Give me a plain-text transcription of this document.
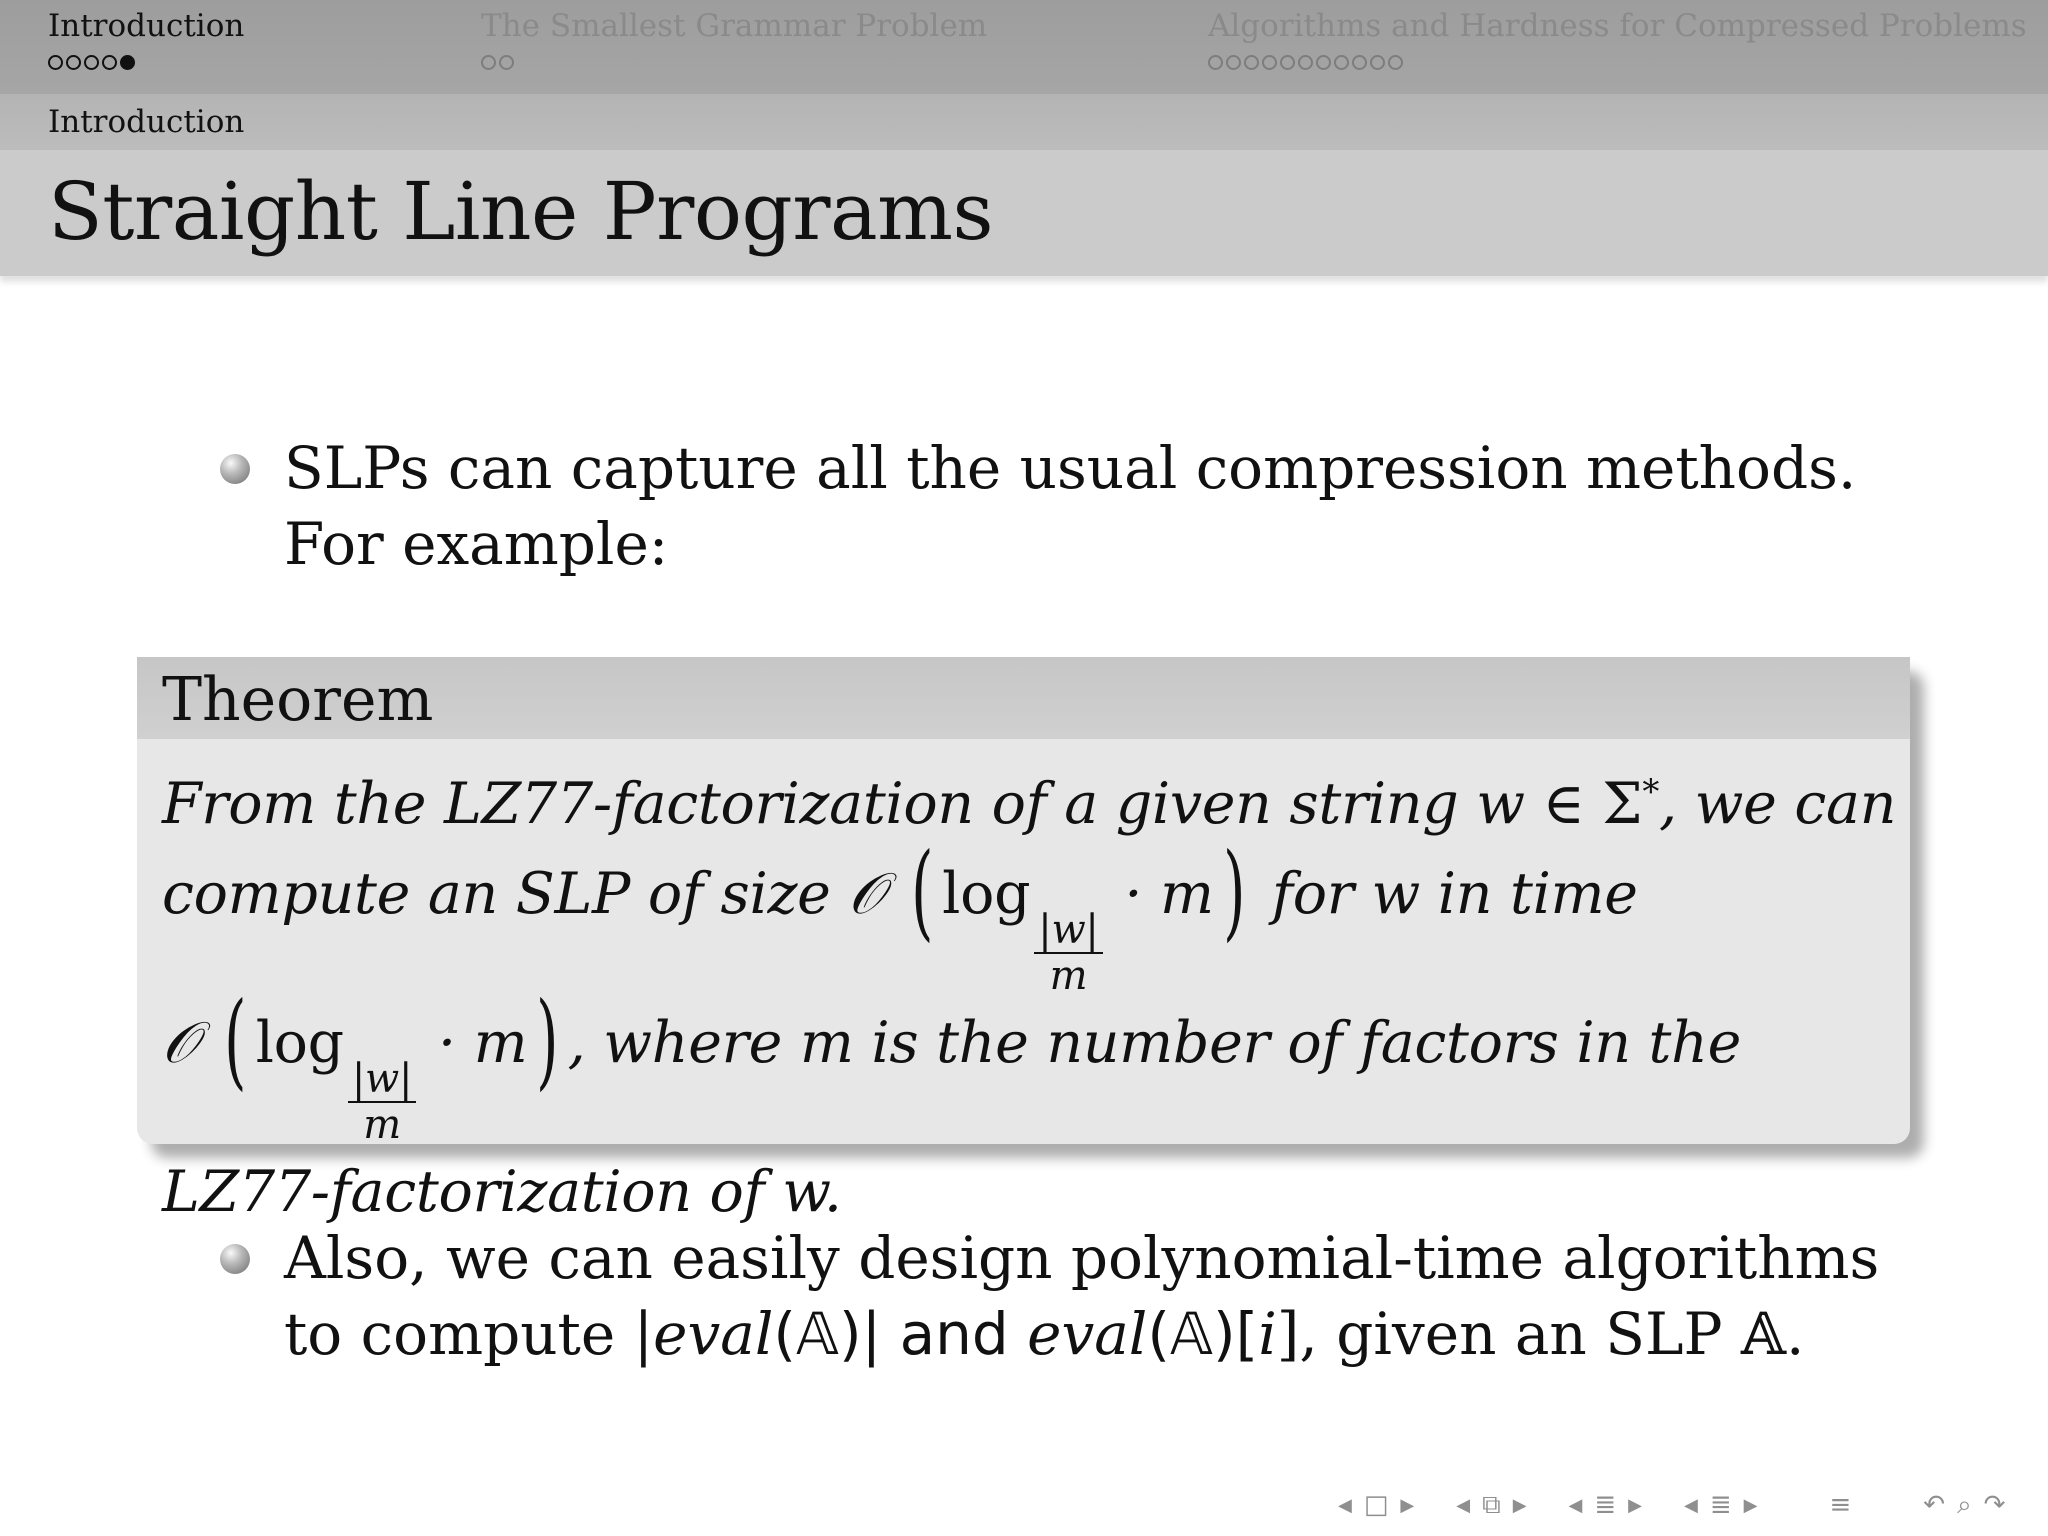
Introduction	The Smallest Grammar Problem	Algorithms and Hardness for Compressed Problems
Introduction
Straight Line Programs
SLPs can capture all the usual compression methods. For example:
Theorem
From the LZ77-factorization of a given string w ∈ Σ*, we can compute an SLP of size 𝒪 ( log
$\frac{|w|}{m}$
· m) for w in time
𝒪 ( log
$\frac{|w|}{m}$
· m) , where m is the number of factors in the LZ77-factorization of w.
Also, we can easily design polynomial-time algorithms to compute |eval(𝔸)| and eval(𝔸)[i], given an SLP 𝔸.
◀ □ ▶ ◀ ⧉ ▶ ◀ ≣ ▶ ◀ ≣ ▶	≡	↶ ⌕ ↷
